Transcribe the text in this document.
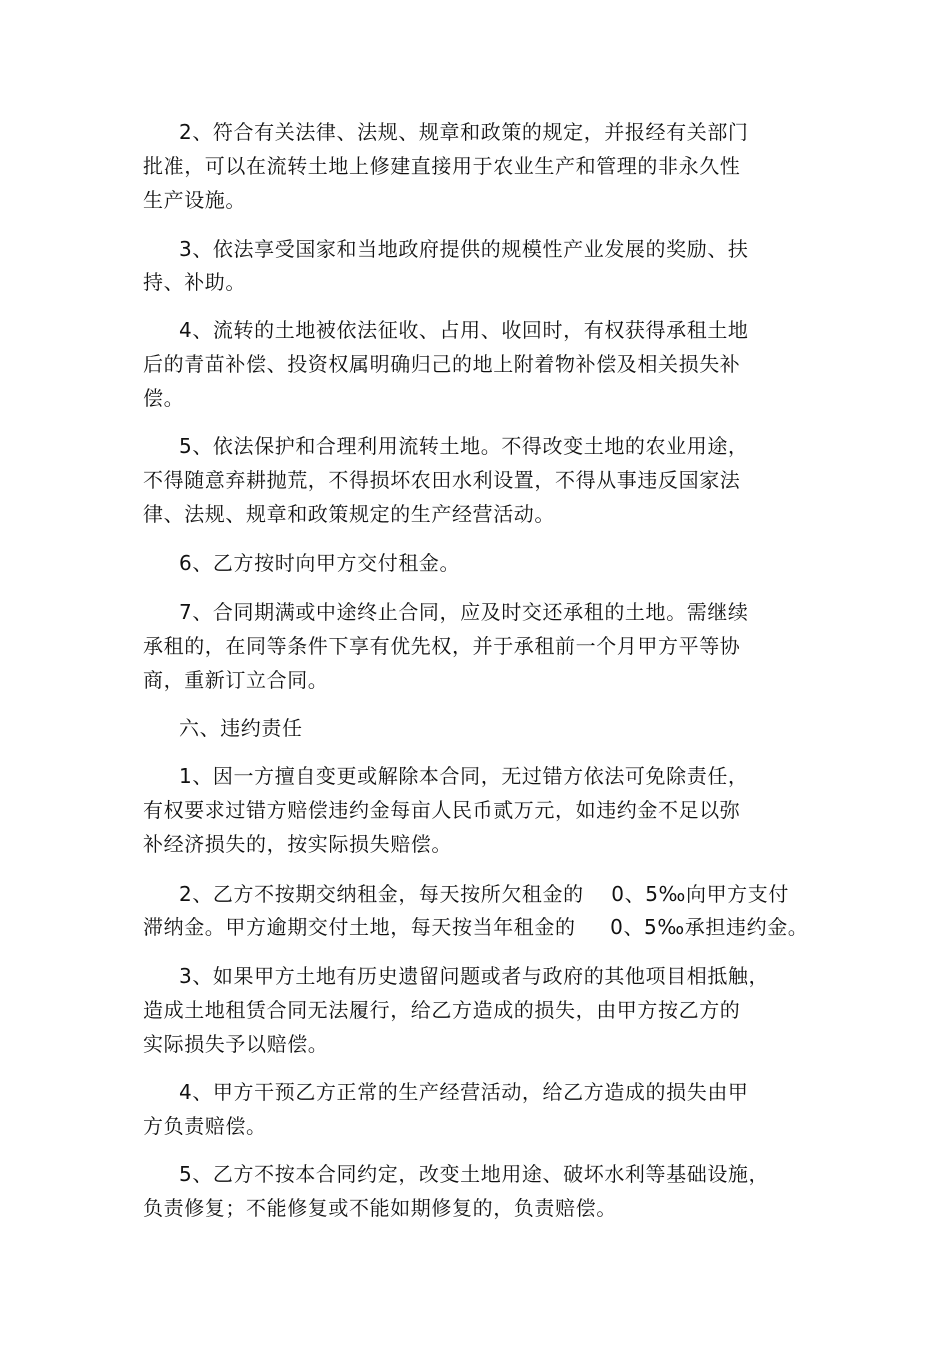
2、符合有关法律、法规、规章和政策的规定，并报经有关部门
批准，可以在流转土地上修建直接用于农业生产和管理的非永久性
生产设施。
3、依法享受国家和当地政府提供的规模性产业发展的奖励、扶
持、补助。
4、流转的土地被依法征收、占用、收回时，有权获得承租土地
后的青苗补偿、投资权属明确归己的地上附着物补偿及相关损失补
偿。
5、依法保护和合理利用流转土地。不得改变土地的农业用途，
不得随意弃耕抛荒，不得损坏农田水利设置，不得从事违反国家法
律、法规、规章和政策规定的生产经营活动。
6、乙方按时向甲方交付租金。
7、合同期满或中途终止合同，应及时交还承租的土地。需继续
承租的，在同等条件下享有优先权，并于承租前一个月甲方平等协
商，重新订立合同。
六、违约责任
1、因一方擅自变更或解除本合同，无过错方依法可免除责任，
有权要求过错方赔偿违约金每亩人民币贰万元，如违约金不足以弥
补经济损失的，按实际损失赔偿。
2、乙方不按期交纳租金，每天按所欠租金的　 0、5‰向甲方支付
滞纳金。甲方逾期交付土地，每天按当年租金的　  0、5‰承担违约金。
3、如果甲方土地有历史遗留问题或者与政府的其他项目相抵触，
造成土地租赁合同无法履行，给乙方造成的损失，由甲方按乙方的
实际损失予以赔偿。
4、甲方干预乙方正常的生产经营活动，给乙方造成的损失由甲
方负责赔偿。
5、乙方不按本合同约定，改变土地用途、破坏水利等基础设施，
负责修复；不能修复或不能如期修复的，负责赔偿。
